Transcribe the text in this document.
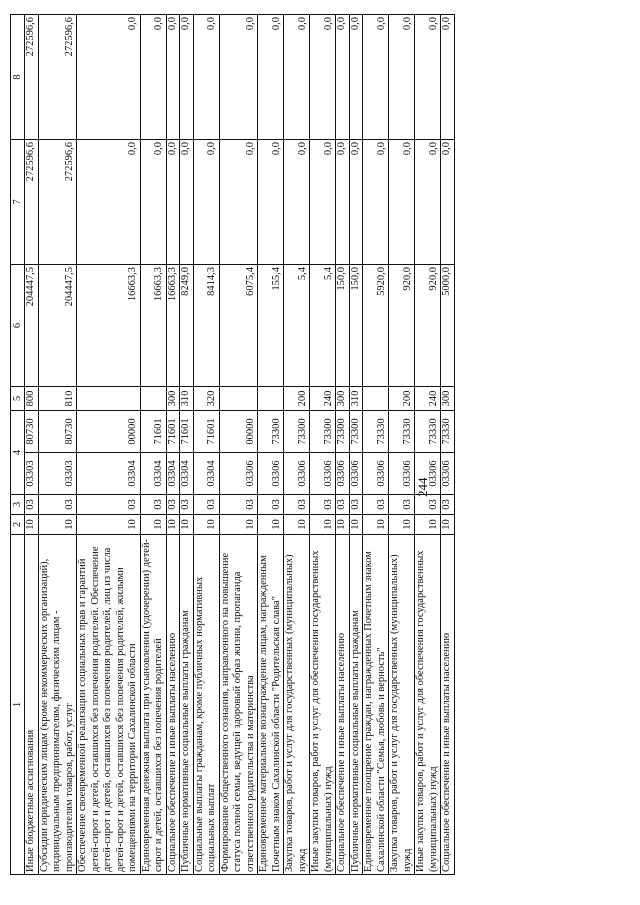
244
1	2	3	4		5	6	7	8
Иные бюджетные ассигнования	10	03	03303	80730	800	204447,5	272596,6	272596,6
Субсидии юридическим лицам (кроме некоммерческих организаций), индивидуальным предпринимателям, физическим лицам - производителям товаров, работ, услуг	10	03	03303	80730	810	204447,5	272596,6	272596,6
Обеспечение своевременной реализации социальных прав и гарантий детей-сирот и детей, оставшихся без попечения родителей. Обеспечение детей-сирот и детей, оставшихся без попечения родителей, лиц из числа детей-сирот и детей, оставшихся без попечения родителей, жилыми помещениями на территории Сахалинской области	10	03	03304	00000		16663,3	0,0	0,0
Единовременная денежная выплата при усыновлении (удочерении) детей-сирот и детей, оставшихся без попечения родителей	10	03	03304	71601		16663,3	0,0	0,0
Социальное обеспечение и иные выплаты населению	10	03	03304	71601	300	16663,3	0,0	0,0
Публичные нормативные социальные выплаты гражданам	10	03	03304	71601	310	8249,0	0,0	0,0
Социальные выплаты гражданам, кроме публичных нормативных социальных выплат	10	03	03304	71601	320	8414,3	0,0	0,0
Формирование общественного сознания, направленного на повышение статуса полной семьи, ведущей здоровый образ жизни, пропаганда ответственного родительства и материнства	10	03	03306	00000		6075,4	0,0	0,0
Единовременное материальное вознаграждение лицам, награжденным Почетным знаком Сахалинской области "Родительская слава"	10	03	03306	73300		155,4	0,0	0,0
Закупка товаров, работ и услуг для государственных (муниципальных) нужд	10	03	03306	73300	200	5,4	0,0	0,0
Иные закупки товаров, работ и услуг для обеспечения государственных (муниципальных) нужд	10	03	03306	73300	240	5,4	0,0	0,0
Социальное обеспечение и иные выплаты населению	10	03	03306	73300	300	150,0	0,0	0,0
Публичные нормативные социальные выплаты гражданам	10	03	03306	73300	310	150,0	0,0	0,0
Единовременное поощрение граждан, награжденных Почетным знаком Сахалинской области "Семья, любовь и верность"	10	03	03306	73330		5920,0	0,0	0,0
Закупка товаров, работ и услуг для государственных (муниципальных) нужд	10	03	03306	73330	200	920,0	0,0	0,0
Иные закупки товаров, работ и услуг для обеспечения государственных (муниципальных) нужд	10	03	03306	73330	240	920,0	0,0	0,0
Социальное обеспечение и иные выплаты населению	10	03	03306	73330	300	5000,0	0,0	0,0
